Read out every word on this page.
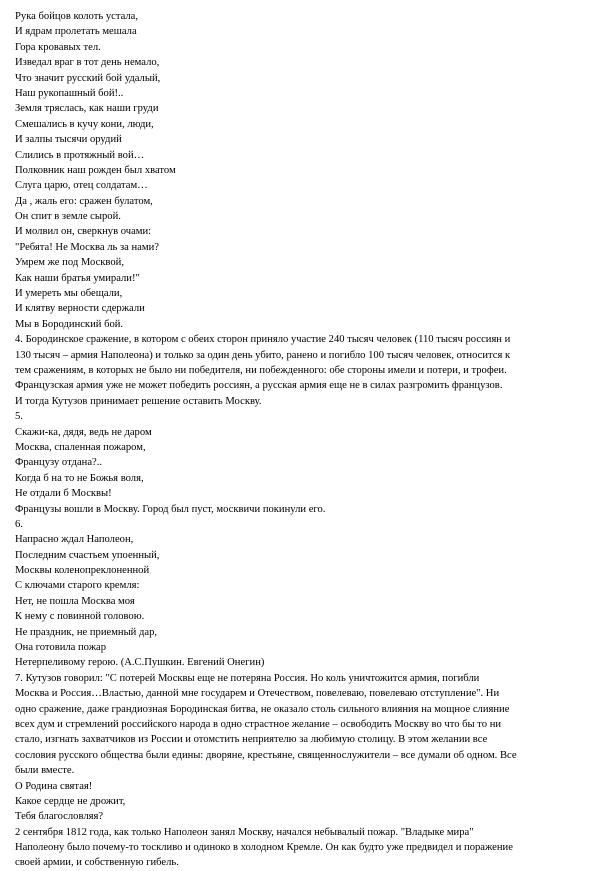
Рука бойцов колоть устала,
И ядрам пролетать мешала
Гора кровавых тел.
Изведал враг в тот день немало,
Что значит русский бой удалый,
Наш рукопашный бой!..
Земля тряслась, как наши груди
Смешались в кучу кони, люди,
И залпы тысячи орудий
Слились в протяжный вой…
Полковник наш рожден был хватом
Слуга царю, отец солдатам…
Да , жаль его: сражен булатом,
Он спит в земле сырой.
И молвил он, сверкнув очами:
"Ребята! Не Москва ль за нами?
Умрем же под Москвой,
Как наши братья умирали!"
И умереть мы обещали,
И клятву верности сдержали
Мы в Бородинский бой.
4. Бородинское сражение, в котором с обеих сторон приняло участие 240 тысяч человек (110 тысяч россиян и
130 тысяч – армия Наполеона) и только за один день убито, ранено и погибло 100 тысяч человек, относится к
тем сражениям, в которых не было ни победителя, ни побежденного: обе стороны имели и потери, и трофеи.
Французская армия уже не может победить россиян, а русская армия еще не в силах разгромить французов.
И тогда Кутузов принимает решение оставить Москву.
5.
Скажи-ка, дядя, ведь не даром
Москва, спаленная пожаром,
Французу отдана?..
Когда б на то не Божья воля,
Не отдали б Москвы!
Французы вошли в Москву. Город был пуст, москвичи покинули его.
6.
Напрасно ждал Наполеон,
Последним счастьем упоенный,
Москвы коленопреклоненной
С ключами старого кремля:
Нет, не пошла Москва моя
К нему с повинной головою.
Не праздник, не приемный дар,
Она готовила пожар
Нетерпеливому герою. (А.С.Пушкин. Евгений Онегин)
7. Кутузов говорил: "С потерей Москвы еще не потеряна Россия. Но коль уничтожится армия, погибли
Москва и Россия…Властью, данной мне государем и Отечеством, повелеваю, повелеваю отступление". Ни
одно сражение, даже грандиозная Бородинская битва, не оказало столь сильного влияния на мощное слияние
всех дум и стремлений российского народа в одно страстное желание – освободить Москву во что бы то ни
стало, изгнать захватчиков из России и отомстить неприятелю за любимую столицу. В этом желании все
сословия русского общества были едины: дворяне, крестьяне, священнослужители – все думали об одном. Все
были вместе.
О Родина святая!
Какое сердце не дрожит,
Тебя благословляя?
2 сентября 1812 года, как только Наполеон занял Москву, начался небывалый пожар. "Владыке мира"
Наполеону было почему-то тоскливо и одиноко в холодном Кремле. Он как будто уже предвидел и поражение
своей армии, и собственную гибель.
